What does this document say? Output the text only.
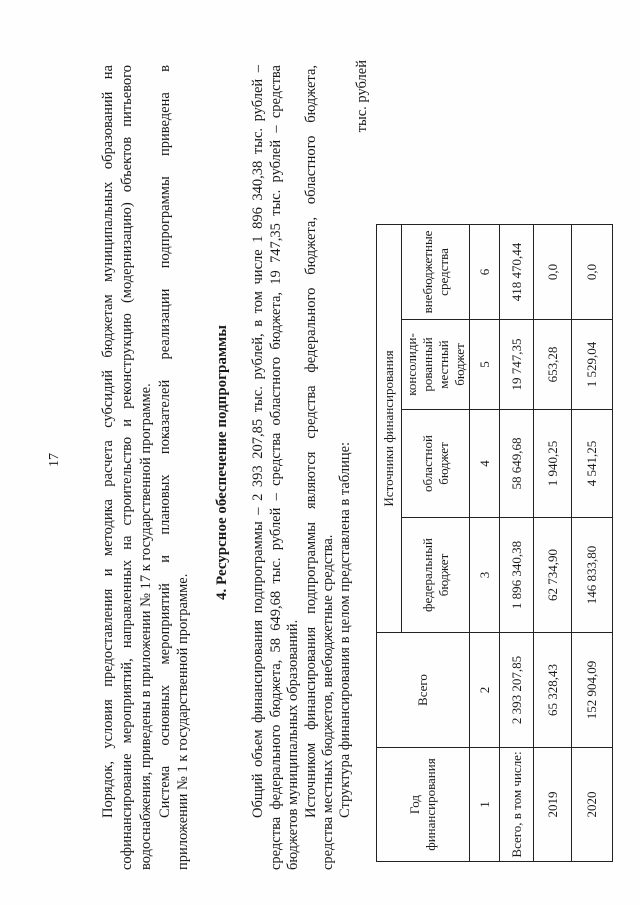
17	Порядок, условия предоставления и методика расчета субсидий бюджетам муниципальных образований на софинансирование мероприятий, направленных на строительство и реконструкцию (модернизацию) объектов питьевого водоснабжения, приведены в приложении № 17 к государственной программе. Система основных мероприятий и плановых показателей реализации подпрограммы приведена в приложении № 1 к государственной программе.
4. Ресурсное обеспечение подпрограммы Общий объем финансирования подпрограммы – 2 393 207,85 тыс. рублей, в том числе 1 896 340,38 тыс. рублей – средства федерального бюджета, 58 649,68 тыс. рублей – средства областного бюджета, 19 747,35 тыс. рублей – средства бюджетов муниципальных образований. Источником финансирования подпрограммы являются средства федерального бюджета, областного бюджета, средства местных бюджетов, внебюджетные средства. Структура финансирования в целом представлена в таблице:
тыс. рублей
Год финансирования	Всего	Источники финансирования			
		федеральный бюджет	областной бюджет	консолиди-рованный местный бюджет	внебюджетные средства
1	2	3	4	5	6
Всего, в том числе:	2 393 207,85	1 896 340,38	58 649,68	19 747,35	418 470,44
2019	65 328,43	62 734,90	1 940,25	653,28	0,0
2020	152 904,09	146 833,80	4 541,25	1 529,04	0,0
